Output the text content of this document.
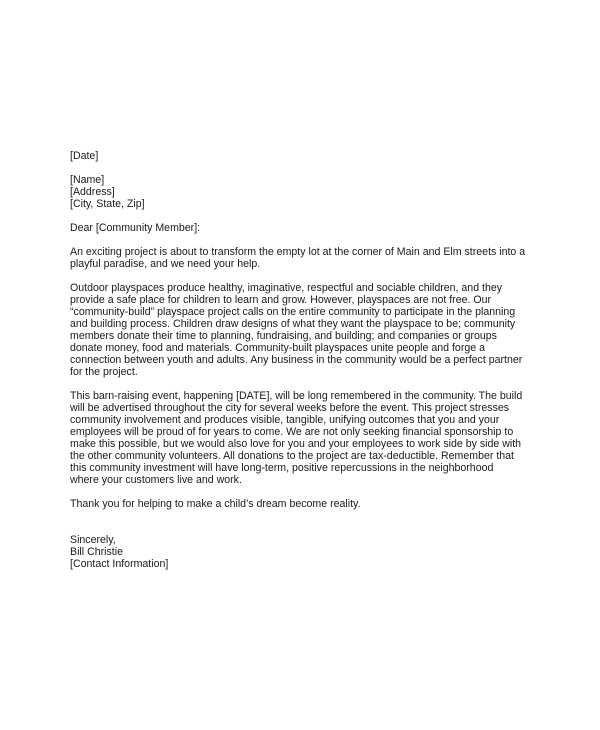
[Date]
[Name]
[Address]
[City, State, Zip]
Dear [Community Member]:
An exciting project is about to transform the empty lot at the corner of Main and Elm streets into a
playful paradise, and we need your help.
Outdoor playspaces produce healthy, imaginative, respectful and sociable children, and they
provide a safe place for children to learn and grow. However, playspaces are not free. Our
“community-build” playspace project calls on the entire community to participate in the planning
and building process. Children draw designs of what they want the playspace to be; community
members donate their time to planning, fundraising, and building; and companies or groups
donate money, food and materials. Community-built playspaces unite people and forge a
connection between youth and adults. Any business in the community would be a perfect partner
for the project.
This barn-raising event, happening [DATE], will be long remembered in the community. The build
will be advertised throughout the city for several weeks before the event. This project stresses
community involvement and produces visible, tangible, unifying outcomes that you and your
employees will be proud of for years to come. We are not only seeking financial sponsorship to
make this possible, but we would also love for you and your employees to work side by side with
the other community volunteers. All donations to the project are tax-deductible. Remember that
this community investment will have long-term, positive repercussions in the neighborhood
where your customers live and work.
Thank you for helping to make a child’s dream become reality.
Sincerely,
Bill Christie
[Contact Information]
